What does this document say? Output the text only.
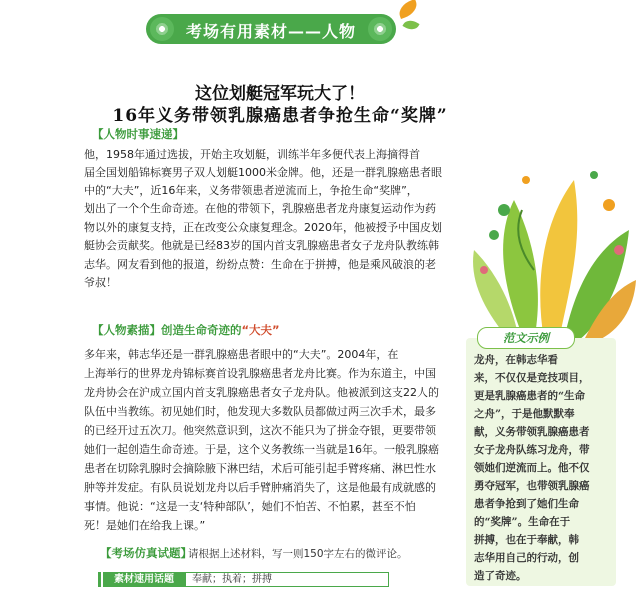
考场有用素材——人物篇
这位划艇冠军玩大了！
16年义务带领乳腺癌患者争抢生命“奖牌”
【人物时事速递】
他，1958年通过选拔，开始主攻划艇，训练半年多便代表上海摘得首
届全国划船锦标赛男子双人划艇1000米金牌。他，还是一群乳腺癌患者眼
中的“大夫”，近16年来，义务带领患者逆流而上，争抢生命“奖牌”，
划出了一个个生命奇迹。在他的带领下，乳腺癌患者龙舟康复运动作为药
物以外的康复支持，正在改变公众康复理念。2020年，他被授予中国皮划
艇协会贡献奖。他就是已经83岁的国内首支乳腺癌患者女子龙舟队教练韩
志华。网友看到他的报道，纷纷点赞：生命在于拼搏，他是乘风破浪的老
爷叔！
【人物素描】创造生命奇迹的“大夫”
多年来，韩志华还是一群乳腺癌患者眼中的“大夫”。2004年，在
上海举行的世界龙舟锦标赛首设乳腺癌患者龙舟比赛。作为东道主，中国
龙舟协会在沪成立国内首支乳腺癌患者女子龙舟队。他被派到这支22人的
队伍中当教练。初见她们时，他发现大多数队员都做过两三次手术，最多
的已经开过五次刀。他突然意识到，这次不能只为了拼金夺银，更要带领
她们一起创造生命奇迹。于是，这个义务教练一当就是16年。一般乳腺癌
患者在切除乳腺时会摘除腋下淋巴结，术后可能引起手臂疼痛、淋巴性水
肿等并发症。有队员说划龙舟以后手臂肿痛消失了，这是他最有成就感的
事情。他说：“这是一支‘特种部队’，她们不怕苦、不怕累，甚至不怕
死！是她们在给我上课。”
【考场仿真试题】
请根据上述材料，写一则150字左右的微评论。
素材速用话题	奉献；执着；拼搏
范文示例
龙舟，在韩志华看
来，不仅仅是竞技项目，
更是乳腺癌患者的“生命
之舟”，于是他默默奉
献，义务带领乳腺癌患者
女子龙舟队练习龙舟，带
领她们逆流而上。他不仅
勇夺冠军，也带领乳腺癌
患者争抢到了她们生命
的“奖牌”。生命在于
拼搏，也在于奉献，韩
志华用自己的行动，创
造了奇迹。
